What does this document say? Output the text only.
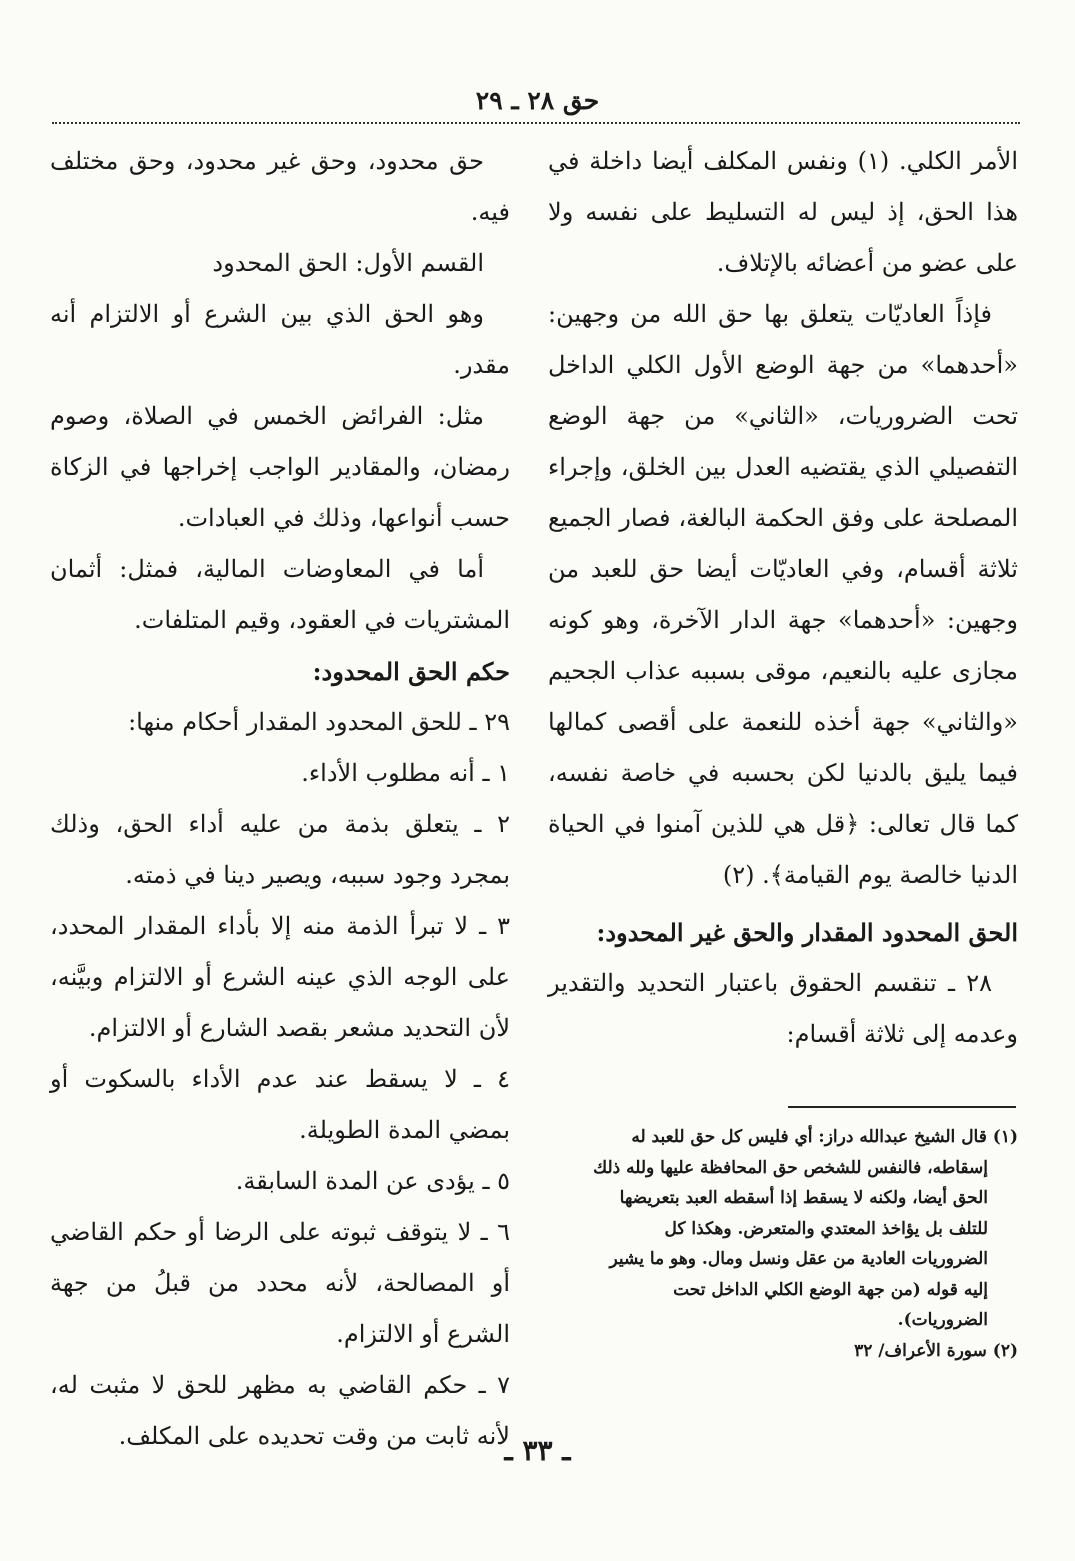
حق ٢٨ ـ ٢٩

الأمر الكلي. (١) ونفس المكلف أيضا داخلة في هذا الحق، إذ ليس له التسليط على نفسه ولا على عضو من أعضائه بالإتلاف.

فإذاً العاديّات يتعلق بها حق الله من وجهين: «أحدهما» من جهة الوضع الأول الكلي الداخل تحت الضروريات، «الثاني» من جهة الوضع التفصيلي الذي يقتضيه العدل بين الخلق، وإجراء المصلحة على وفق الحكمة البالغة، فصار الجميع ثلاثة أقسام، وفي العاديّات أيضا حق للعبد من وجهين: «أحدهما» جهة الدار الآخرة، وهو كونه مجازى عليه بالنعيم، موقى بسببه عذاب الجحيم «والثاني» جهة أخذه للنعمة على أقصى كمالها فيما يليق بالدنيا لكن بحسبه في خاصة نفسه، كما قال تعالى: ﴿قل هي للذين آمنوا في الحياة الدنيا خالصة يوم القيامة﴾. (٢)

الحق المحدود المقدار والحق غير المحدود:

٢٨ ـ تنقسم الحقوق باعتبار التحديد والتقدير وعدمه إلى ثلاثة أقسام:

(١) قال الشيخ عبدالله دراز: أي فليس كل حق للعبد له

إسقاطه، فالنفس للشخص حق المحافظة عليها ولله ذلك

الحق أيضا، ولكنه لا يسقط إذا أسقطه العبد بتعريضها

للتلف بل يؤاخذ المعتدي والمتعرض. وهكذا كل

الضروريات العادية من عقل ونسل ومال. وهو ما يشير

إليه قوله (من جهة الوضع الكلي الداخل تحت

الضروريات).

(٢) سورة الأعراف/ ٣٢

حق محدود، وحق غير محدود، وحق مختلف فيه.

القسم الأول: الحق المحدود

وهو الحق الذي بين الشرع أو الالتزام أنه مقدر.

مثل: الفرائض الخمس في الصلاة، وصوم رمضان، والمقادير الواجب إخراجها في الزكاة حسب أنواعها، وذلك في العبادات.

أما في المعاوضات المالية، فمثل: أثمان المشتريات في العقود، وقيم المتلفات.

حكم الحق المحدود:

٢٩ ـ للحق المحدود المقدار أحكام منها:

١ ـ أنه مطلوب الأداء.

٢ ـ يتعلق بذمة من عليه أداء الحق، وذلك بمجرد وجود سببه، ويصير دينا في ذمته.

٣ ـ لا تبرأ الذمة منه إلا بأداء المقدار المحدد، على الوجه الذي عينه الشرع أو الالتزام وبيَّنه، لأن التحديد مشعر بقصد الشارع أو الالتزام.

٤ ـ لا يسقط عند عدم الأداء بالسكوت أو بمضي المدة الطويلة.

٥ ـ يؤدى عن المدة السابقة.

٦ ـ لا يتوقف ثبوته على الرضا أو حكم القاضي أو المصالحة، لأنه محدد من قبلُ من جهة الشرع أو الالتزام.

٧ ـ حكم القاضي به مظهر للحق لا مثبت له، لأنه ثابت من وقت تحديده على المكلف.

ـ ٣٣ ـ
